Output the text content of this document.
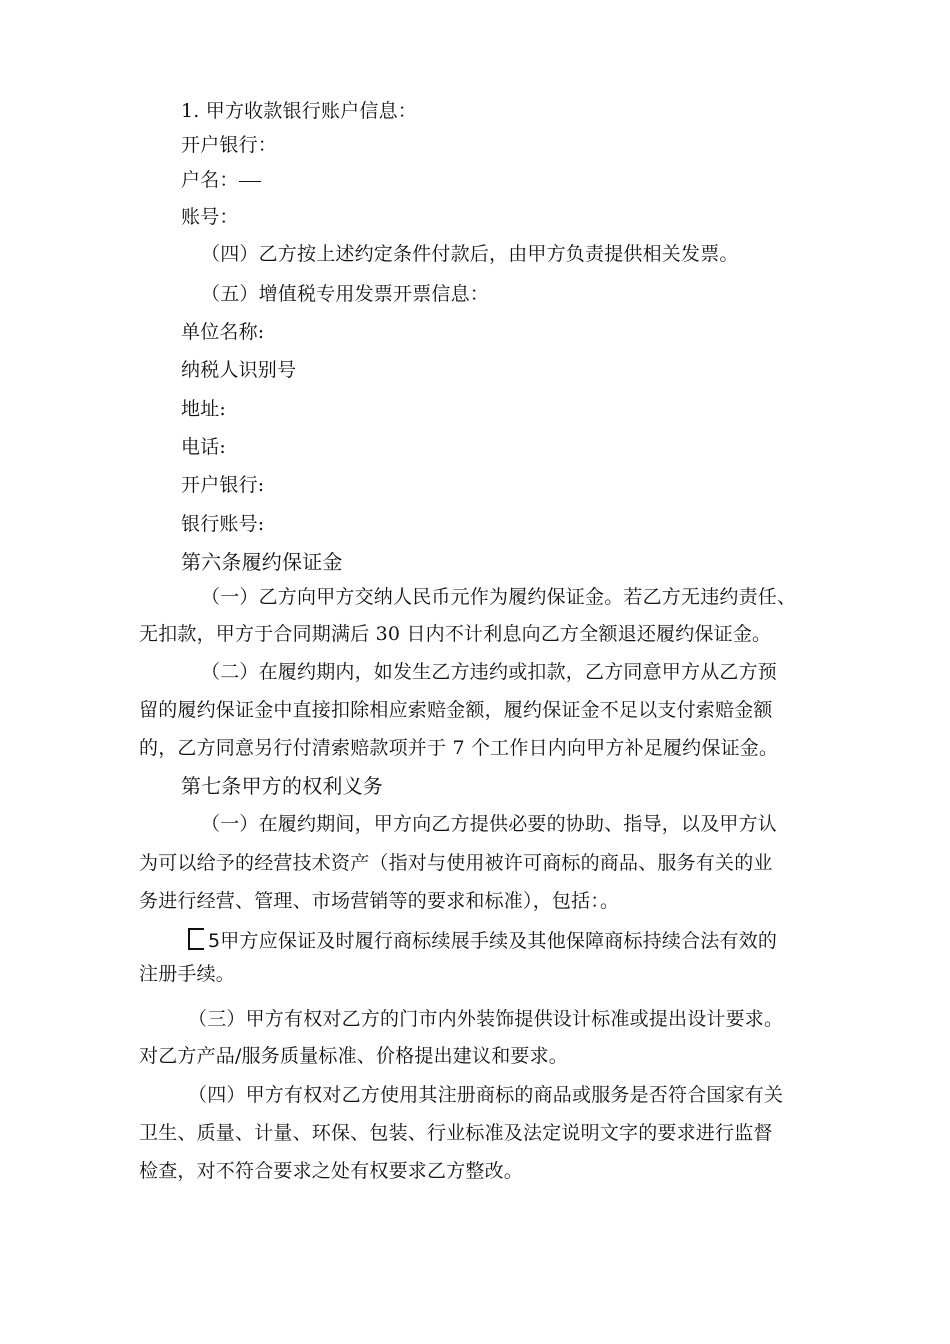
1. 甲方收款银行账户信息：
开户银行：
户名：
账号：
（四）乙方按上述约定条件付款后，由甲方负责提供相关发票。
（五）增值税专用发票开票信息：
单位名称:
纳税人识别号
地址:
电话:
开户银行:
银行账号:
第六条履约保证金
（一）乙方向甲方交纳人民币元作为履约保证金。若乙方无违约责任、
无扣款，甲方于合同期满后 30 日内不计利息向乙方全额退还履约保证金。
（二）在履约期内，如发生乙方违约或扣款，乙方同意甲方从乙方预
留的履约保证金中直接扣除相应索赔金额，履约保证金不足以支付索赔金额
的，乙方同意另行付清索赔款项并于 7 个工作日内向甲方补足履约保证金。
第七条甲方的权利义务
（一）在履约期间，甲方向乙方提供必要的协助、指导，以及甲方认
为可以给予的经营技术资产（指对与使用被许可商标的商品、服务有关的业
务进行经营、管理、市场营销等的要求和标准），包括：。
5甲方应保证及时履行商标续展手续及其他保障商标持续合法有效的
注册手续。
（三）甲方有权对乙方的门市内外装饰提供设计标准或提出设计要求。
对乙方产品/服务质量标准、价格提出建议和要求。
（四）甲方有权对乙方使用其注册商标的商品或服务是否符合国家有关
卫生、质量、计量、环保、包装、行业标准及法定说明文字的要求进行监督
检查，对不符合要求之处有权要求乙方整改。
